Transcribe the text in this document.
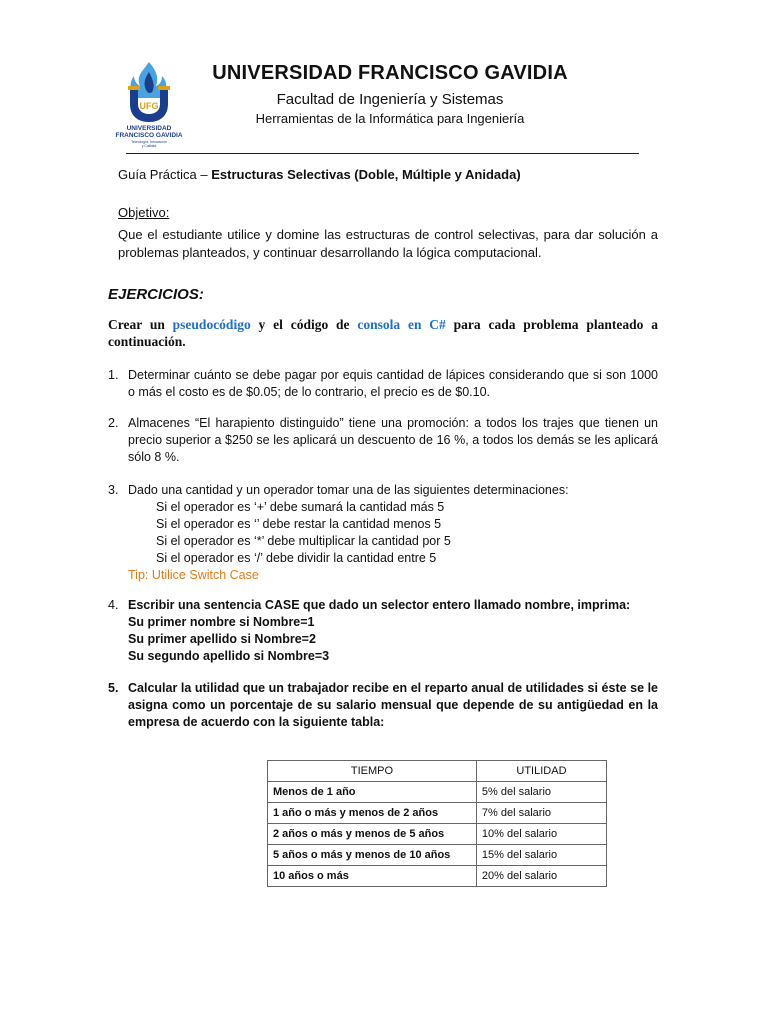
UFG
UNIVERSIDAD
FRANCISCO GAVIDIA
Tecnología, Innovación
y Calidad
UNIVERSIDAD FRANCISCO GAVIDIA
Facultad de Ingeniería y Sistemas
Herramientas de la Informática para Ingeniería
Guía Práctica – Estructuras Selectivas (Doble, Múltiple y Anidada)
Objetivo:
Que el estudiante utilice y domine las estructuras de control selectivas, para dar solución a problemas planteados, y continuar desarrollando la lógica computacional.
EJERCICIOS:
Crear un pseudocódigo y el código de consola en C# para cada problema planteado a continuación.
1. Determinar cuánto se debe pagar por equis cantidad de lápices considerando que si son 1000 o más el costo es de $0.05; de lo contrario, el precio es de $0.10.
2. Almacenes “El harapiento distinguido” tiene una promoción: a todos los trajes que tienen un precio superior a $250 se les aplicará un descuento de 16 %, a todos los demás se les aplicará sólo 8 %.
3. Dado una cantidad y un operador tomar una de las siguientes determinaciones:
Si el operador es ‘+’ debe sumará la cantidad más 5
Si el operador es ‘’ debe restar la cantidad menos 5
Si el operador es ‘*’ debe multiplicar la cantidad por 5
Si el operador es ‘/’ debe dividir la cantidad entre 5
Tip: Utilice Switch Case
4. Escribir una sentencia CASE que dado un selector entero llamado nombre, imprima:
Su primer nombre si Nombre=1
Su primer apellido si Nombre=2
Su segundo apellido si Nombre=3
5. Calcular la utilidad que un trabajador recibe en el reparto anual de utilidades si éste se le asigna como un porcentaje de su salario mensual que depende de su antigüedad en la empresa de acuerdo con la siguiente tabla:
TIEMPO	UTILIDAD
Menos de 1 año	5% del salario
1 año o más y menos de 2 años	7% del salario
2 años o más y menos de 5 años	10% del salario
5 años o más y menos de 10 años	15% del salario
10 años o más	20% del salario
